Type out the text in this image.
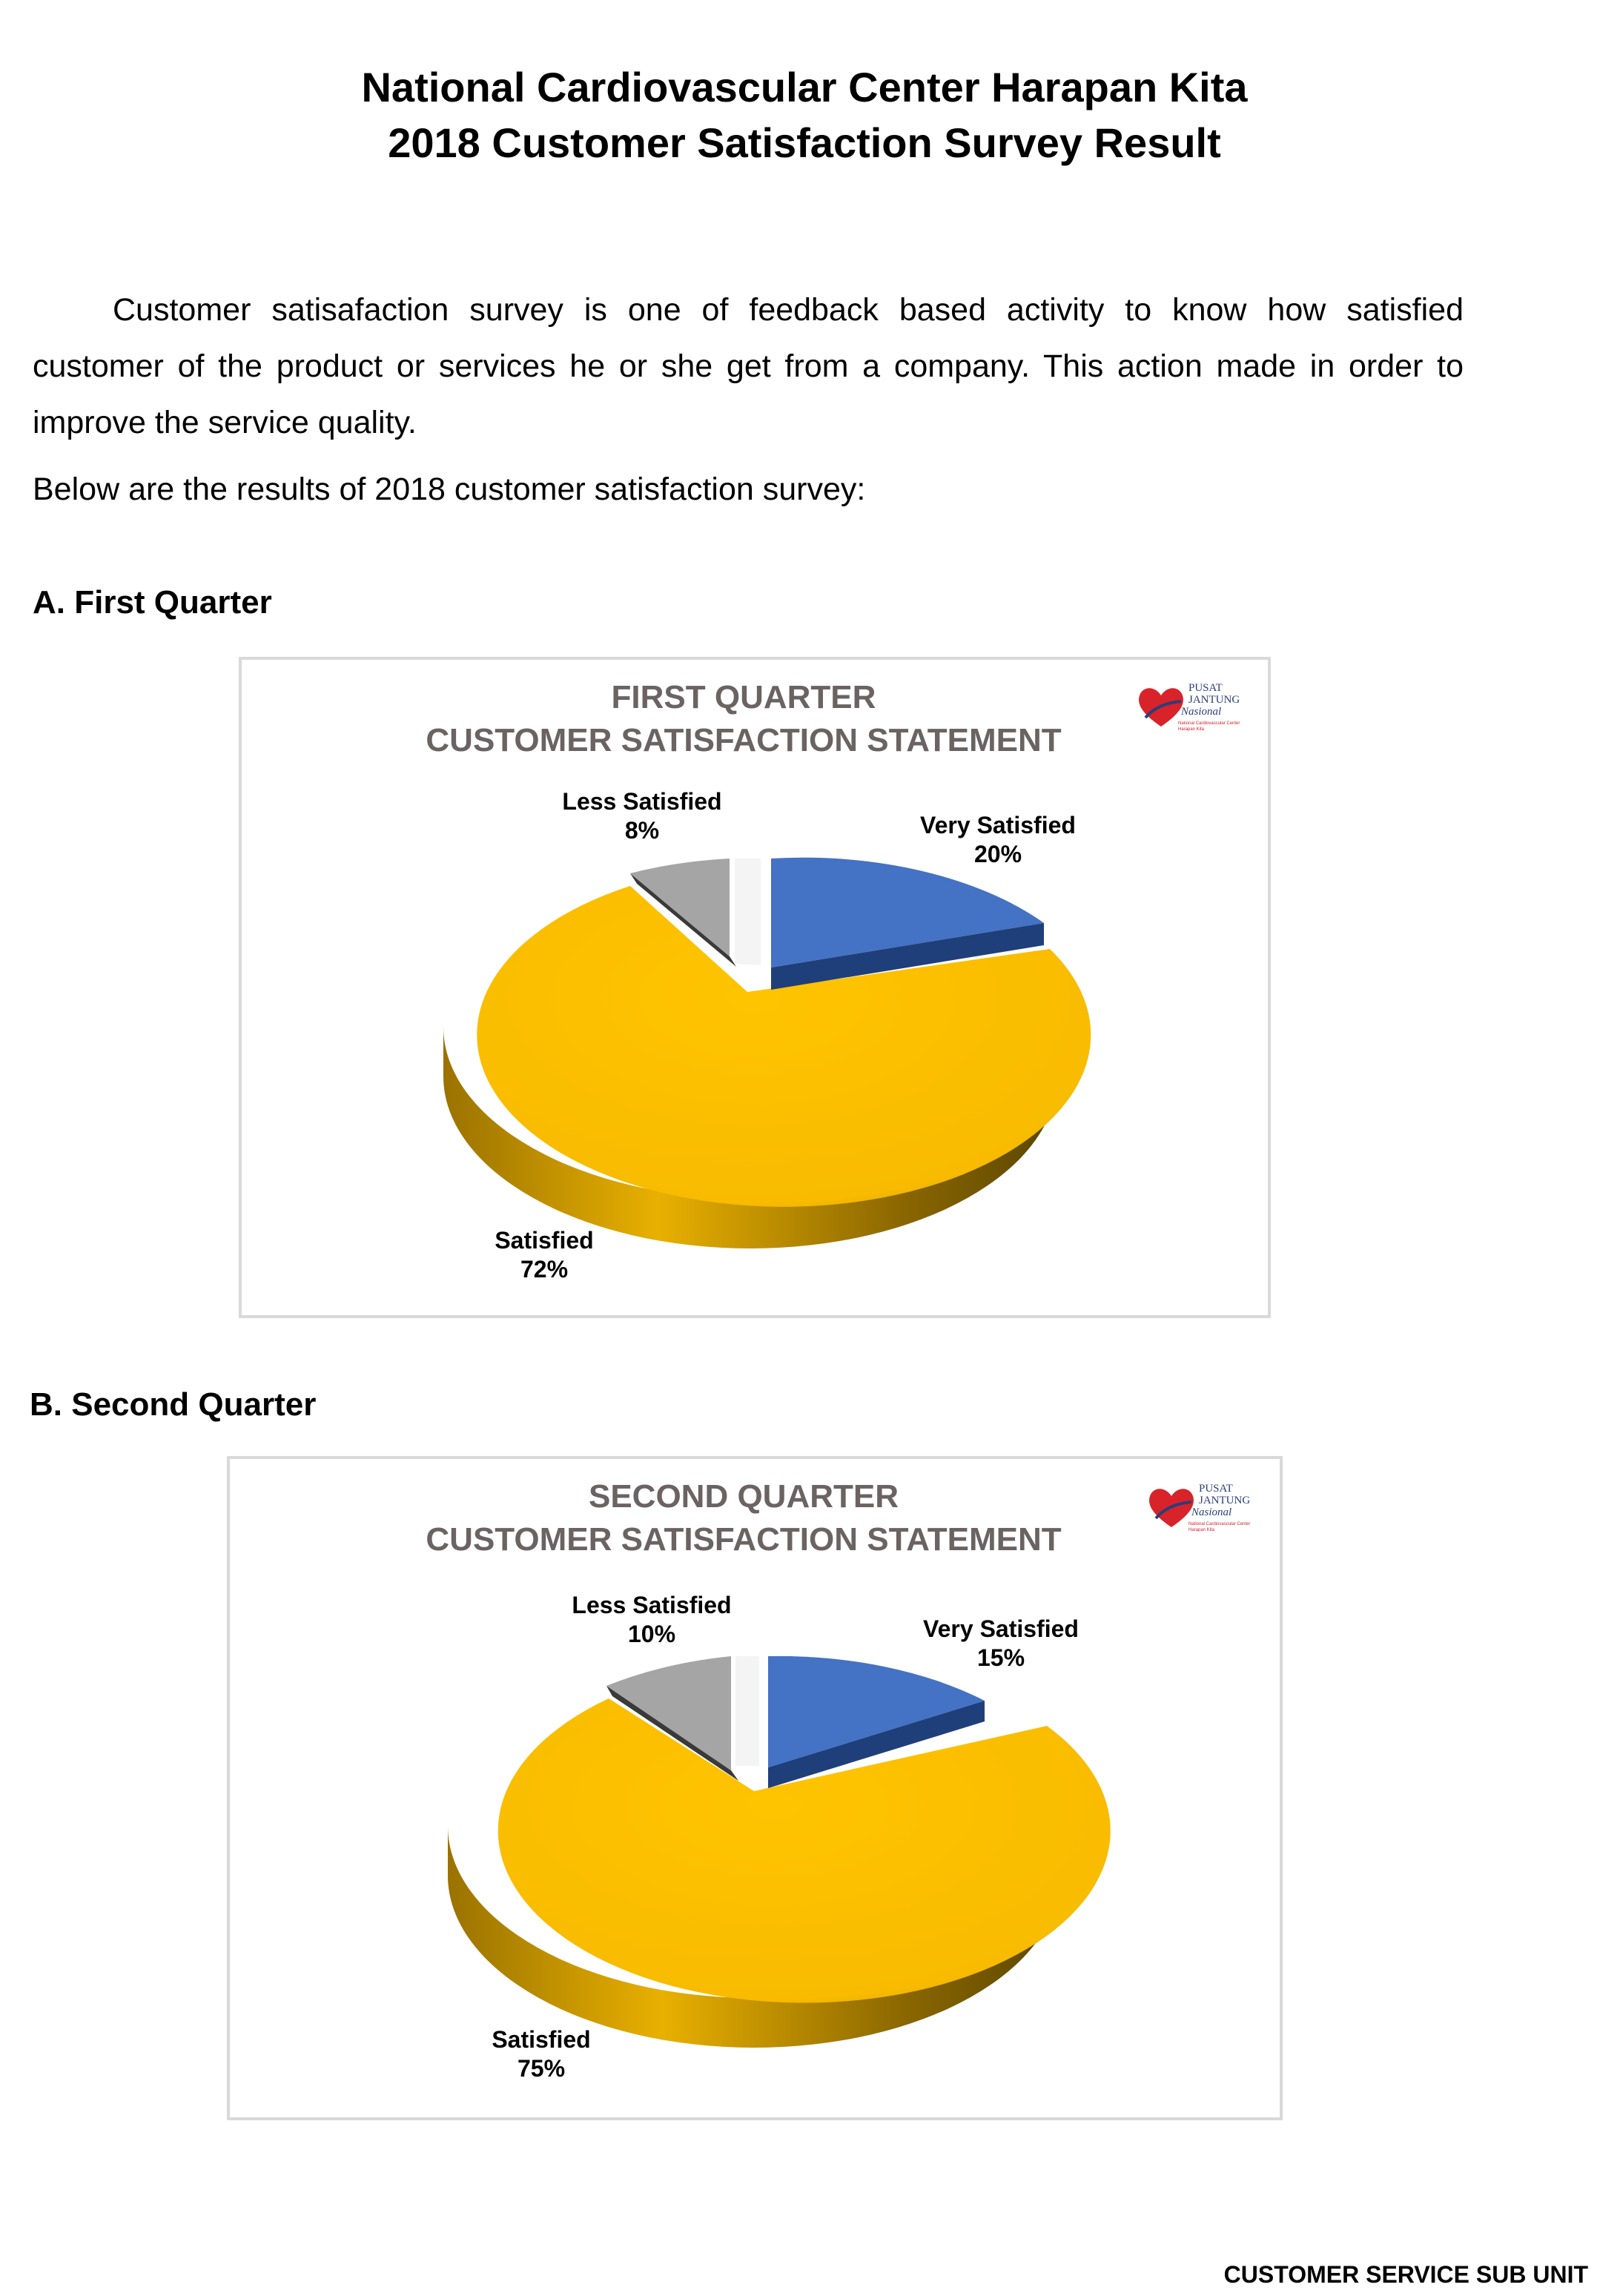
National Cardiovascular Center Harapan Kita
2018 Customer Satisfaction Survey Result
Customer satisafaction survey is one of feedback based activity to know how satisfied
customer of the product or services he or she get from a company. This action made in order to
improve the service quality.
Below are the results of 2018 customer satisfaction survey:
A. First Quarter
FIRST QUARTER
CUSTOMER SATISFACTION STATEMENT
PUSAT
JANTUNG
Nasional
National Cardiovascular Center Harapan Kita
Less Satisfied
8%	Very Satisfied
20%
Satisfied
72%
B. Second Quarter
SECOND QUARTER
CUSTOMER SATISFACTION STATEMENT
PUSAT
JANTUNG
Nasional
National Cardiovascular Center Harapan Kita
Less Satisfied
10%	Very Satisfied
15%
Satisfied
75%
CUSTOMER SERVICE SUB UNIT
